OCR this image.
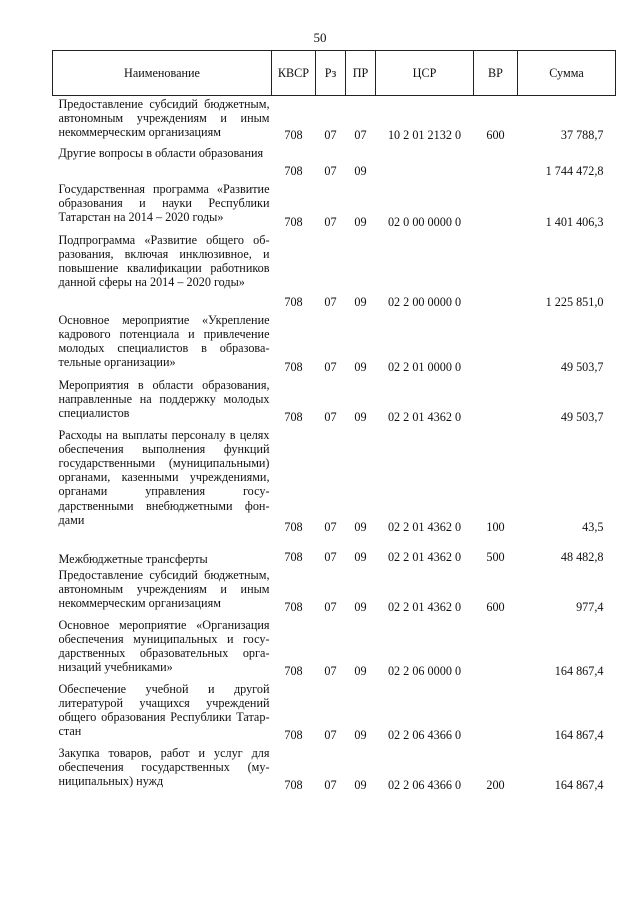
50
Наименование	КВСР	Рз	ПР	ЦСР	ВР	Сумма
Предоставление субсидий бюджетным, автономным учреждениям и иным некоммерческим организациям	708	07	07	10 2 01 2132 0	600	37 788,7
Другие вопросы в области образования	708	07	09			1 744 472,8
Государственная программа «Развитие образования и науки Республики Татарстан на 2014 – 2020 годы»	708	07	09	02 0 00 0000 0		1 401 406,3
Подпрограмма «Развитие общего образования, включая инклюзивное, и повышение квалификации работников данной сферы на 2014 – 2020 годы»	708	07	09	02 2 00 0000 0		1 225 851,0
Основное мероприятие «Укрепление кадрового потенциала и привлечение молодых специалистов в образовательные организации»	708	07	09	02 2 01 0000 0		49 503,7
Мероприятия в области образования, направленные на поддержку молодых специалистов	708	07	09	02 2 01 4362 0		49 503,7
Расходы на выплаты персоналу в целях обеспечения выполнения функций государственными (муниципальными) органами, казенными учреждениями, органами управления государственными внебюджетными фондами	708	07	09	02 2 01 4362 0	100	43,5
Межбюджетные трансферты	708	07	09	02 2 01 4362 0	500	48 482,8
Предоставление субсидий бюджетным, автономным учреждениям и иным некоммерческим организациям	708	07	09	02 2 01 4362 0	600	977,4
Основное мероприятие «Организация обеспечения муниципальных и государственных образовательных организаций учебниками»	708	07	09	02 2 06 0000 0		164 867,4
Обеспечение учебной и другой литературой учащихся учреждений общего образования Республики Татарстан	708	07	09	02 2 06 4366 0		164 867,4
Закупка товаров, работ и услуг для обеспечения государственных (муниципальных) нужд	708	07	09	02 2 06 4366 0	200	164 867,4
